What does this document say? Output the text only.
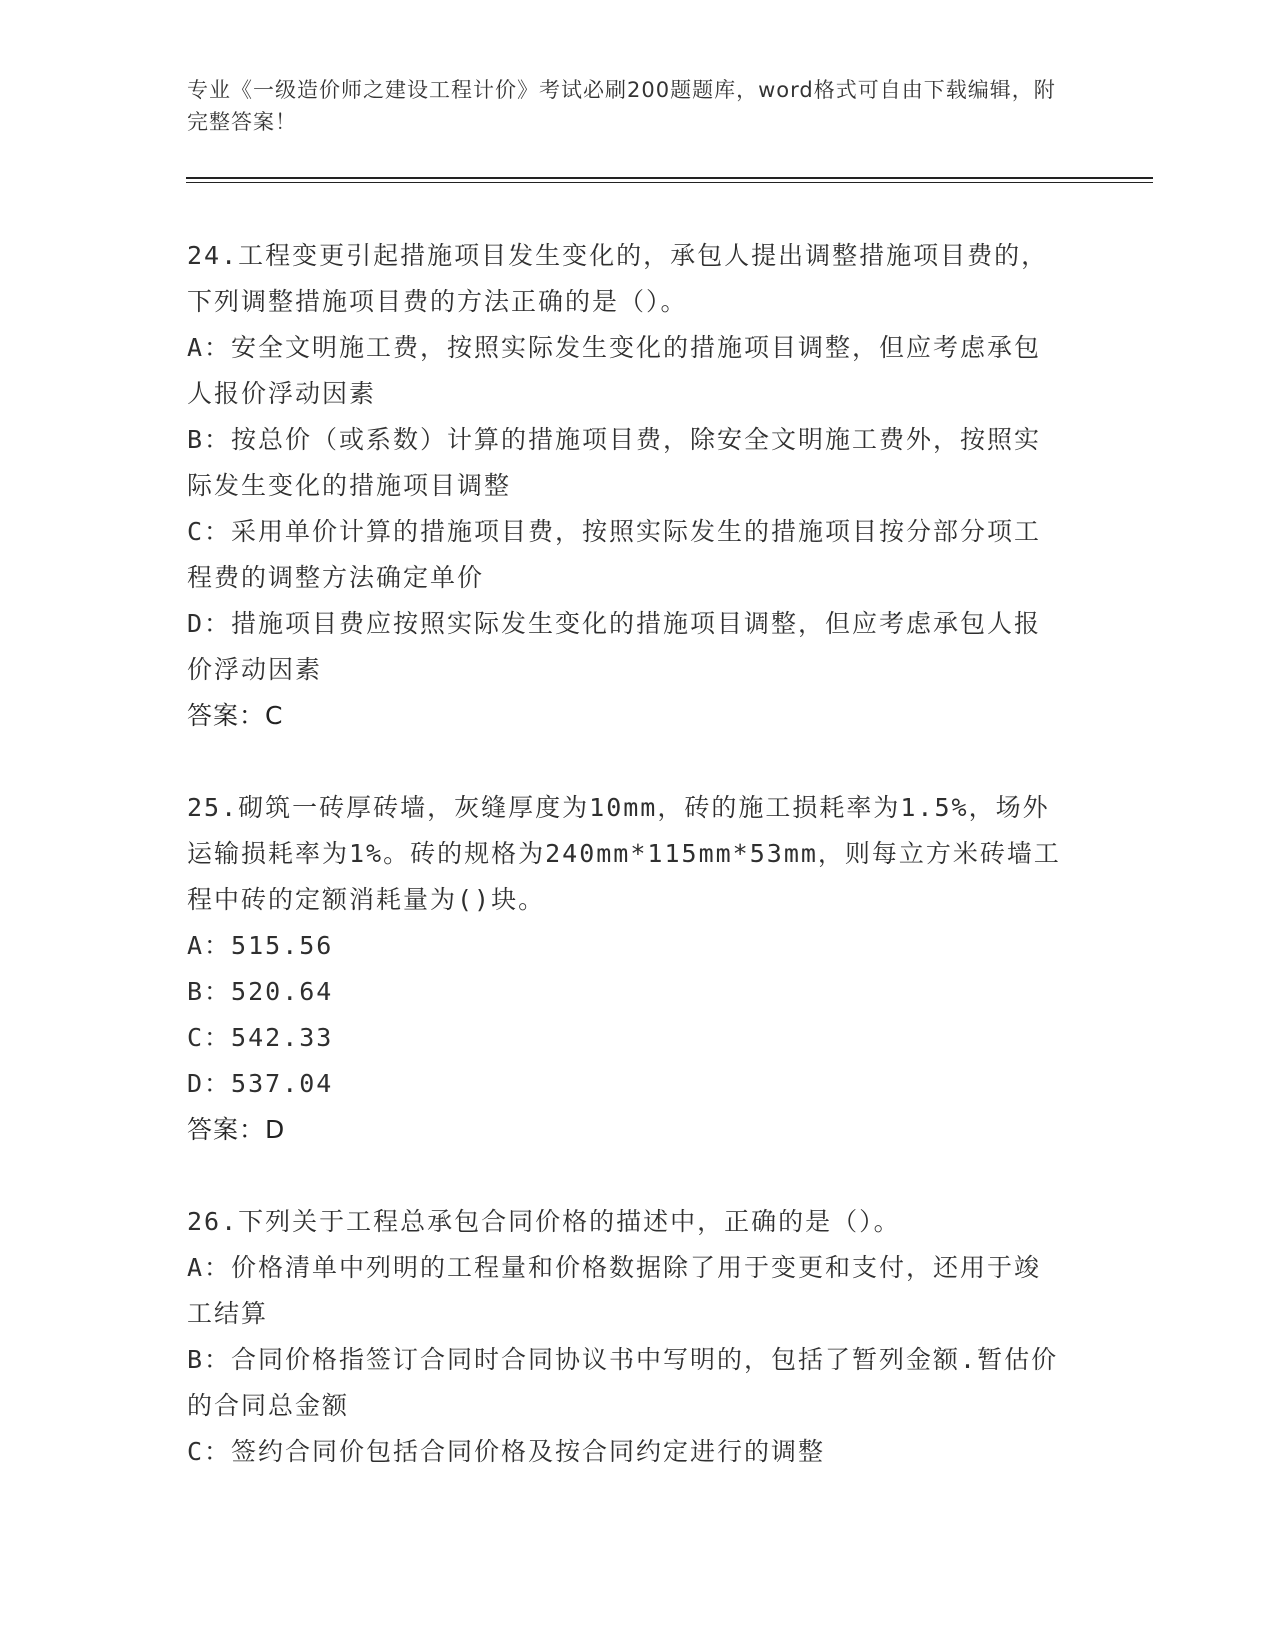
专业《一级造价师之建设工程计价》考试必刷200题题库，word格式可自由下载编辑，附完整答案！

24.工程变更引起措施项目发生变化的，承包人提出调整措施项目费的，下列调整措施项目费的方法正确的是（）。

A：安全文明施工费，按照实际发生变化的措施项目调整，但应考虑承包人报价浮动因素

B：按总价（或系数）计算的措施项目费，除安全文明施工费外，按照实际发生变化的措施项目调整

C：采用单价计算的措施项目费，按照实际发生的措施项目按分部分项工程费的调整方法确定单价

D：措施项目费应按照实际发生变化的措施项目调整，但应考虑承包人报价浮动因素

答案：C

25.砌筑一砖厚砖墙，灰缝厚度为10mm，砖的施工损耗率为1.5%，场外运输损耗率为1%。砖的规格为240mm*115mm*53mm，则每立方米砖墙工程中砖的定额消耗量为()块。

A：515.56

B：520.64

C：542.33

D：537.04

答案：D

26.下列关于工程总承包合同价格的描述中，正确的是（）。

A：价格清单中列明的工程量和价格数据除了用于变更和支付，还用于竣工结算

B：合同价格指签订合同时合同协议书中写明的，包括了暂列金额.暂估价的合同总金额

C：签约合同价包括合同价格及按合同约定进行的调整
